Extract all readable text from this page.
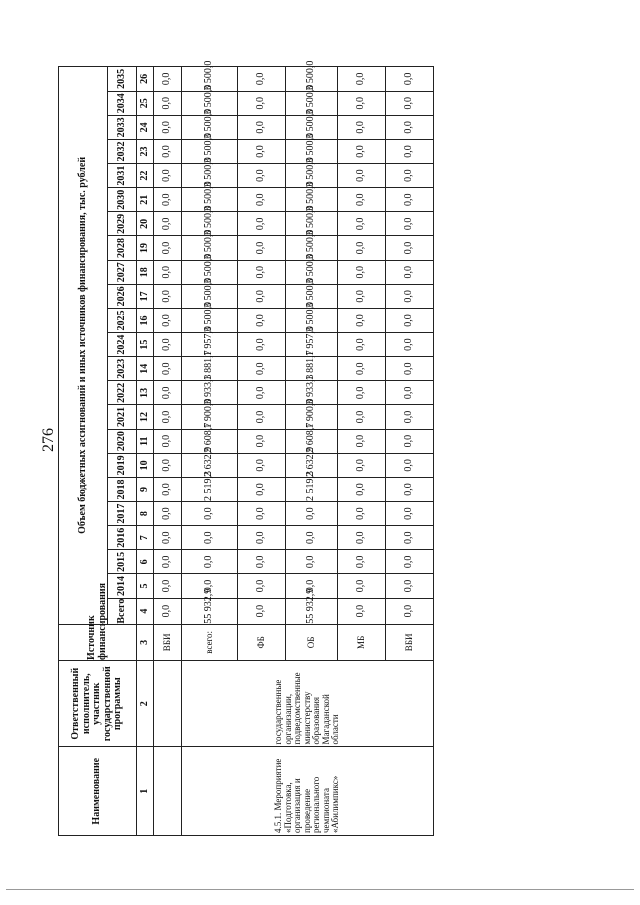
276
Наименование	Ответственный исполнитель, участник государственной программы	Источник финансирования	Объем бюджетных ассигнований и иных источников финансирования, тыс. рублей																						
			Всего	2014	2015	2016	2017	2018	2019	2020	2021	2022	2023	2024	2025	2026	2027	2028	2029	2030	2031	2032	2033	2034	2035
1	2	3	4	5	6	7	8	9	10	11	12	13	14	15	16	17	18	19	20	21	22	23	24	25	26
		ВБИ	0,0	0,0	0,0	0,0	0,0	0,0	0,0	0,0	0,0	0,0	0,0	0,0	0,0	0,0	0,0	0,0	0,0	0,0	0,0	0,0	0,0	0,0	0,0
4.5.1. Мероприятие «Подготовка, организация и проведение регионального чемпионата «Абилимпикс»	государственные организации, подведомственные министерству образования Магаданской области	всего:	55 932,9	0,0	0,0	0,0	0,0	2 519,3	2 632,9	2 608,7	1 900,0	3 933,3	1 881,7	1 957,0	3 500,0	3 500,0	3 500,0	3 500,0	3 500,0	3 500,0	3 500,0	3 500,0	3 500,0	3 500,0	3 500,0
		ФБ	0,0	0,0	0,0	0,0	0,0	0,0	0,0	0,0	0,0	0,0	0,0	0,0	0,0	0,0	0,0	0,0	0,0	0,0	0,0	0,0	0,0	0,0	0,0
		ОБ	55 932,9	0,0	0,0	0,0	0,0	2 519,3	2 632,9	2 608,7	1 900,0	3 933,3	1 881,7	1 957,0	3 500,0	3 500,0	3 500,0	3 500,0	3 500,0	3 500,0	3 500,0	3 500,0	3 500,0	3 500,0	3 500,0
		МБ	0,0	0,0	0,0	0,0	0,0	0,0	0,0	0,0	0,0	0,0	0,0	0,0	0,0	0,0	0,0	0,0	0,0	0,0	0,0	0,0	0,0	0,0	0,0
		ВБИ	0,0	0,0	0,0	0,0	0,0	0,0	0,0	0,0	0,0	0,0	0,0	0,0	0,0	0,0	0,0	0,0	0,0	0,0	0,0	0,0	0,0	0,0	0,0
